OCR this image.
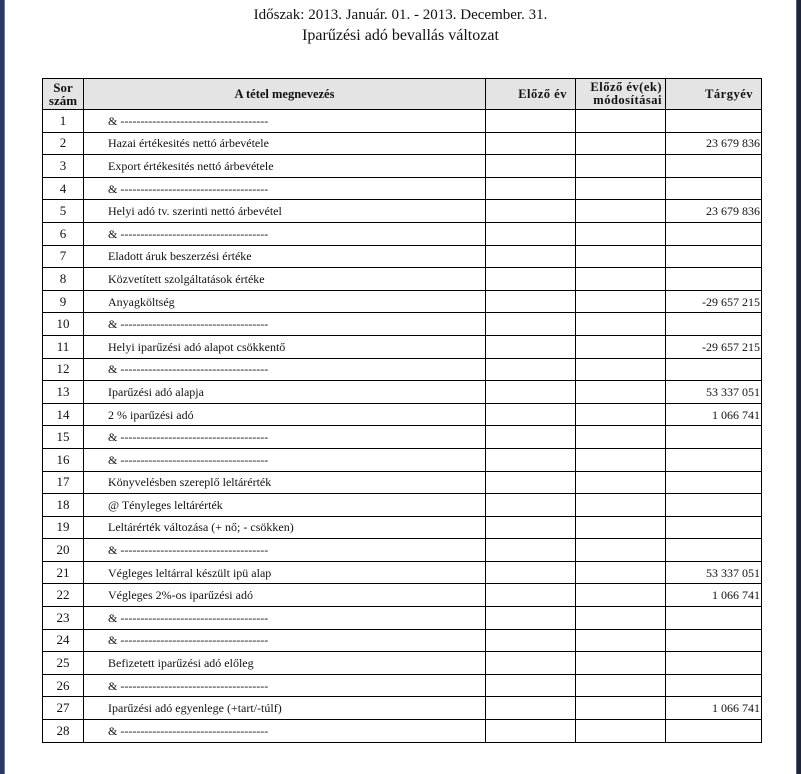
Időszak: 2013. Január. 01. - 2013. December. 31.
Iparűzési adó bevallás változat
Sor
szám	A tétel megnevezés	Előző év	Előző év(ek)
módosításai	Tárgyév
1	& -------------------------------------			
2	Hazai értékesités nettó árbevétele			23 679 836
3	Export értékesités nettó árbevétele			
4	& -------------------------------------			
5	Helyi adó tv. szerinti nettó árbevétel			23 679 836
6	& -------------------------------------			
7	Eladott áruk beszerzési értéke			
8	Közvetített szolgáltatások értéke			
9	Anyagköltség			-29 657 215
10	& -------------------------------------			
11	Helyi iparűzési adó alapot csökkentő			-29 657 215
12	& -------------------------------------			
13	Iparűzési adó alapja			53 337 051
14	2 % iparűzési adó			1 066 741
15	& -------------------------------------			
16	& -------------------------------------			
17	Könyvelésben szereplő leltárérték			
18	@ Tényleges leltárérték			
19	Leltárérték változása (+ nő; - csökken)			
20	& -------------------------------------			
21	Végleges leltárral készült ipü alap			53 337 051
22	Végleges 2%-os iparűzési adó			1 066 741
23	& -------------------------------------			
24	& -------------------------------------			
25	Befizetett iparűzési adó előleg			
26	& -------------------------------------			
27	Iparűzési adó egyenlege (+tart/-túlf)			1 066 741
28	& -------------------------------------			
